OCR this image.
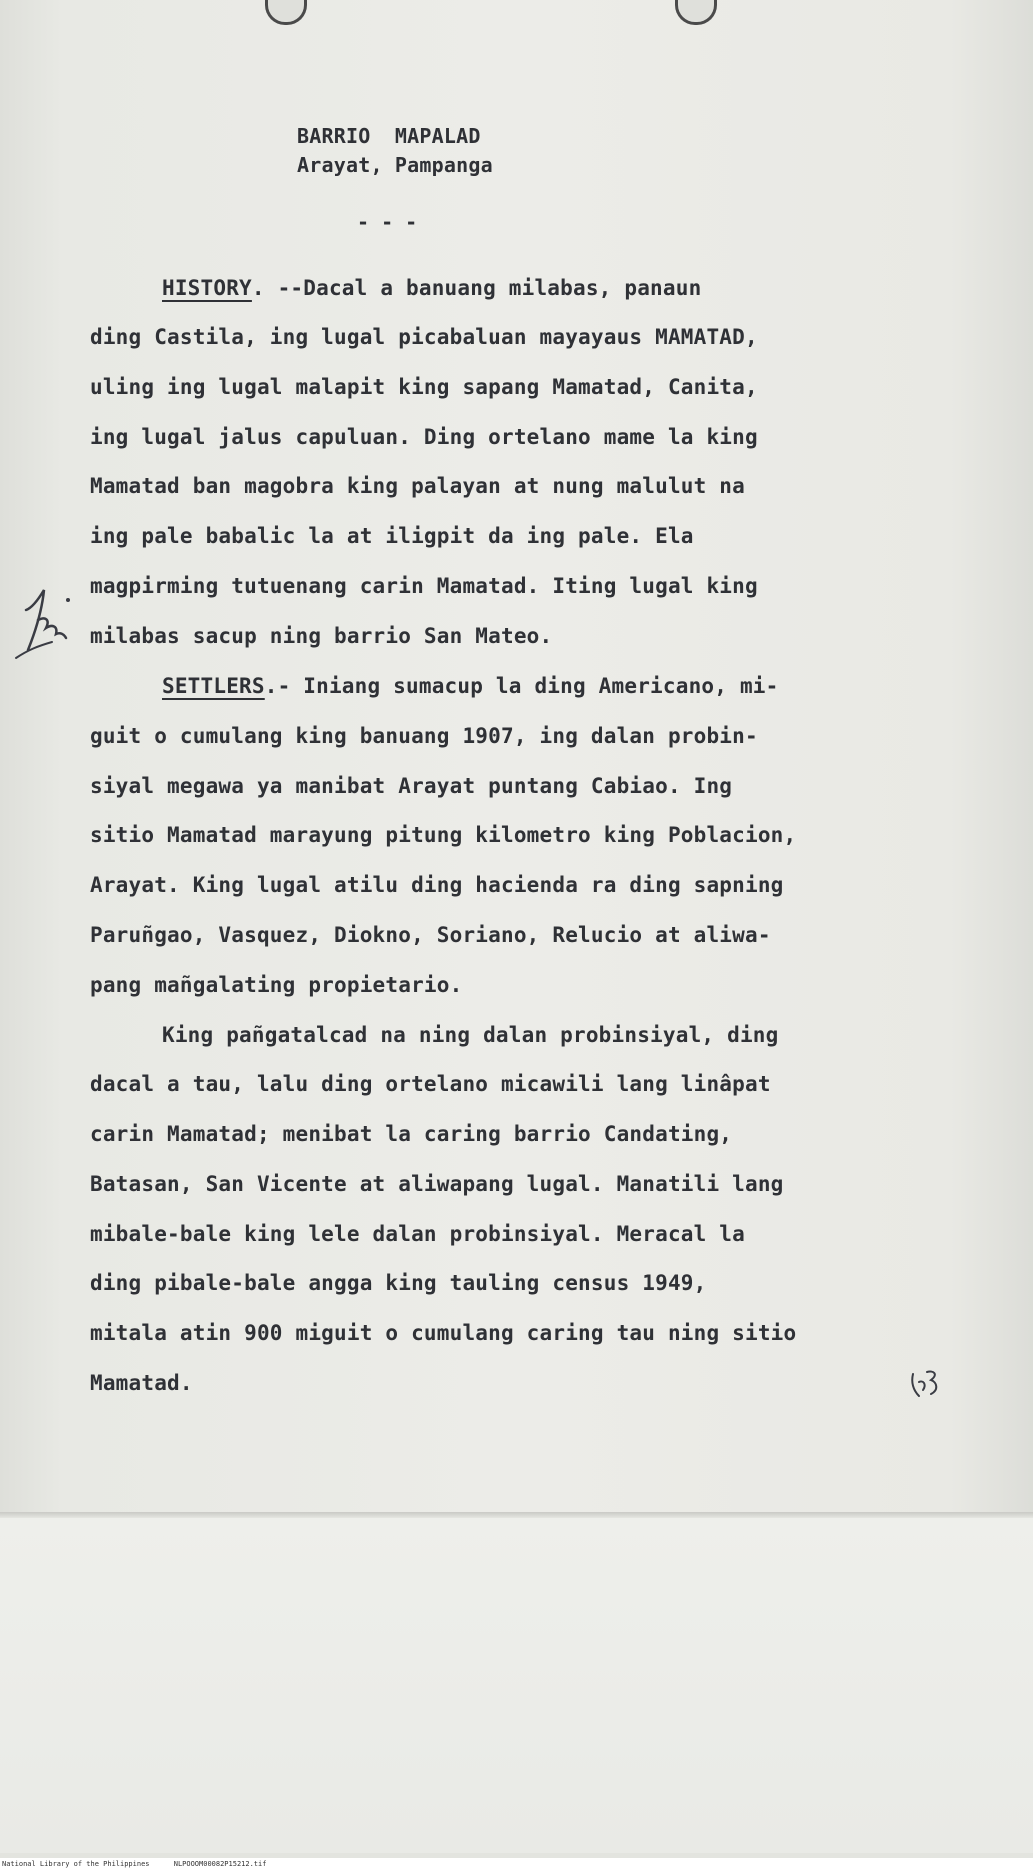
BARRIO  MAPALAD
Arayat, Pampanga
- - -
HISTORY. --Dacal a banuang milabas, panaun
ding Castila, ing lugal picabaluan mayayaus MAMATAD,
uling ing lugal malapit king sapang Mamatad, Canita,
ing lugal jalus capuluan. Ding ortelano mame la king
Mamatad ban magobra king palayan at nung malulut na
ing pale babalic la at iligpit da ing pale. Ela
magpirming tutuenang carin Mamatad. Iting lugal king
milabas sacup ning barrio San Mateo.
SETTLERS.- Iniang sumacup la ding Americano, mi-
guit o cumulang king banuang 1907, ing dalan probin-
siyal megawa ya manibat Arayat puntang Cabiao. Ing
sitio Mamatad marayung pitung kilometro king Poblacion,
Arayat. King lugal atilu ding hacienda ra ding sapning
Paruñgao, Vasquez, Diokno, Soriano, Relucio at aliwa-
pang mañgalating propietario.
King pañgatalcad na ning dalan probinsiyal, ding
dacal a tau, lalu ding ortelano micawili lang linâpat
carin Mamatad; menibat la caring barrio Candating,
Batasan, San Vicente at aliwapang lugal. Manatili lang
mibale-bale king lele dalan probinsiyal. Meracal la
ding pibale-bale angga king tauling census 1949,
mitala atin 900 miguit o cumulang caring tau ning sitio
Mamatad.
National Library of the Philippines	NLPOOOM00082P15212.tif
